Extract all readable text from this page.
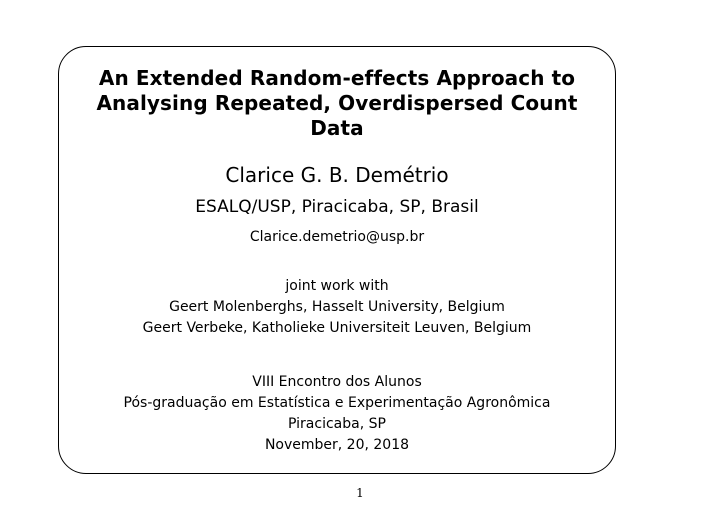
An Extended Random-effects Approach to
Analysing Repeated, Overdispersed Count
Data
Clarice G. B. Demétrio
ESALQ/USP, Piracicaba, SP, Brasil
Clarice.demetrio@usp.br
joint work with
Geert Molenberghs, Hasselt University, Belgium
Geert Verbeke, Katholieke Universiteit Leuven, Belgium
VIII Encontro dos Alunos
Pós-graduação em Estatística e Experimentação Agronômica
Piracicaba, SP
November, 20, 2018
1
